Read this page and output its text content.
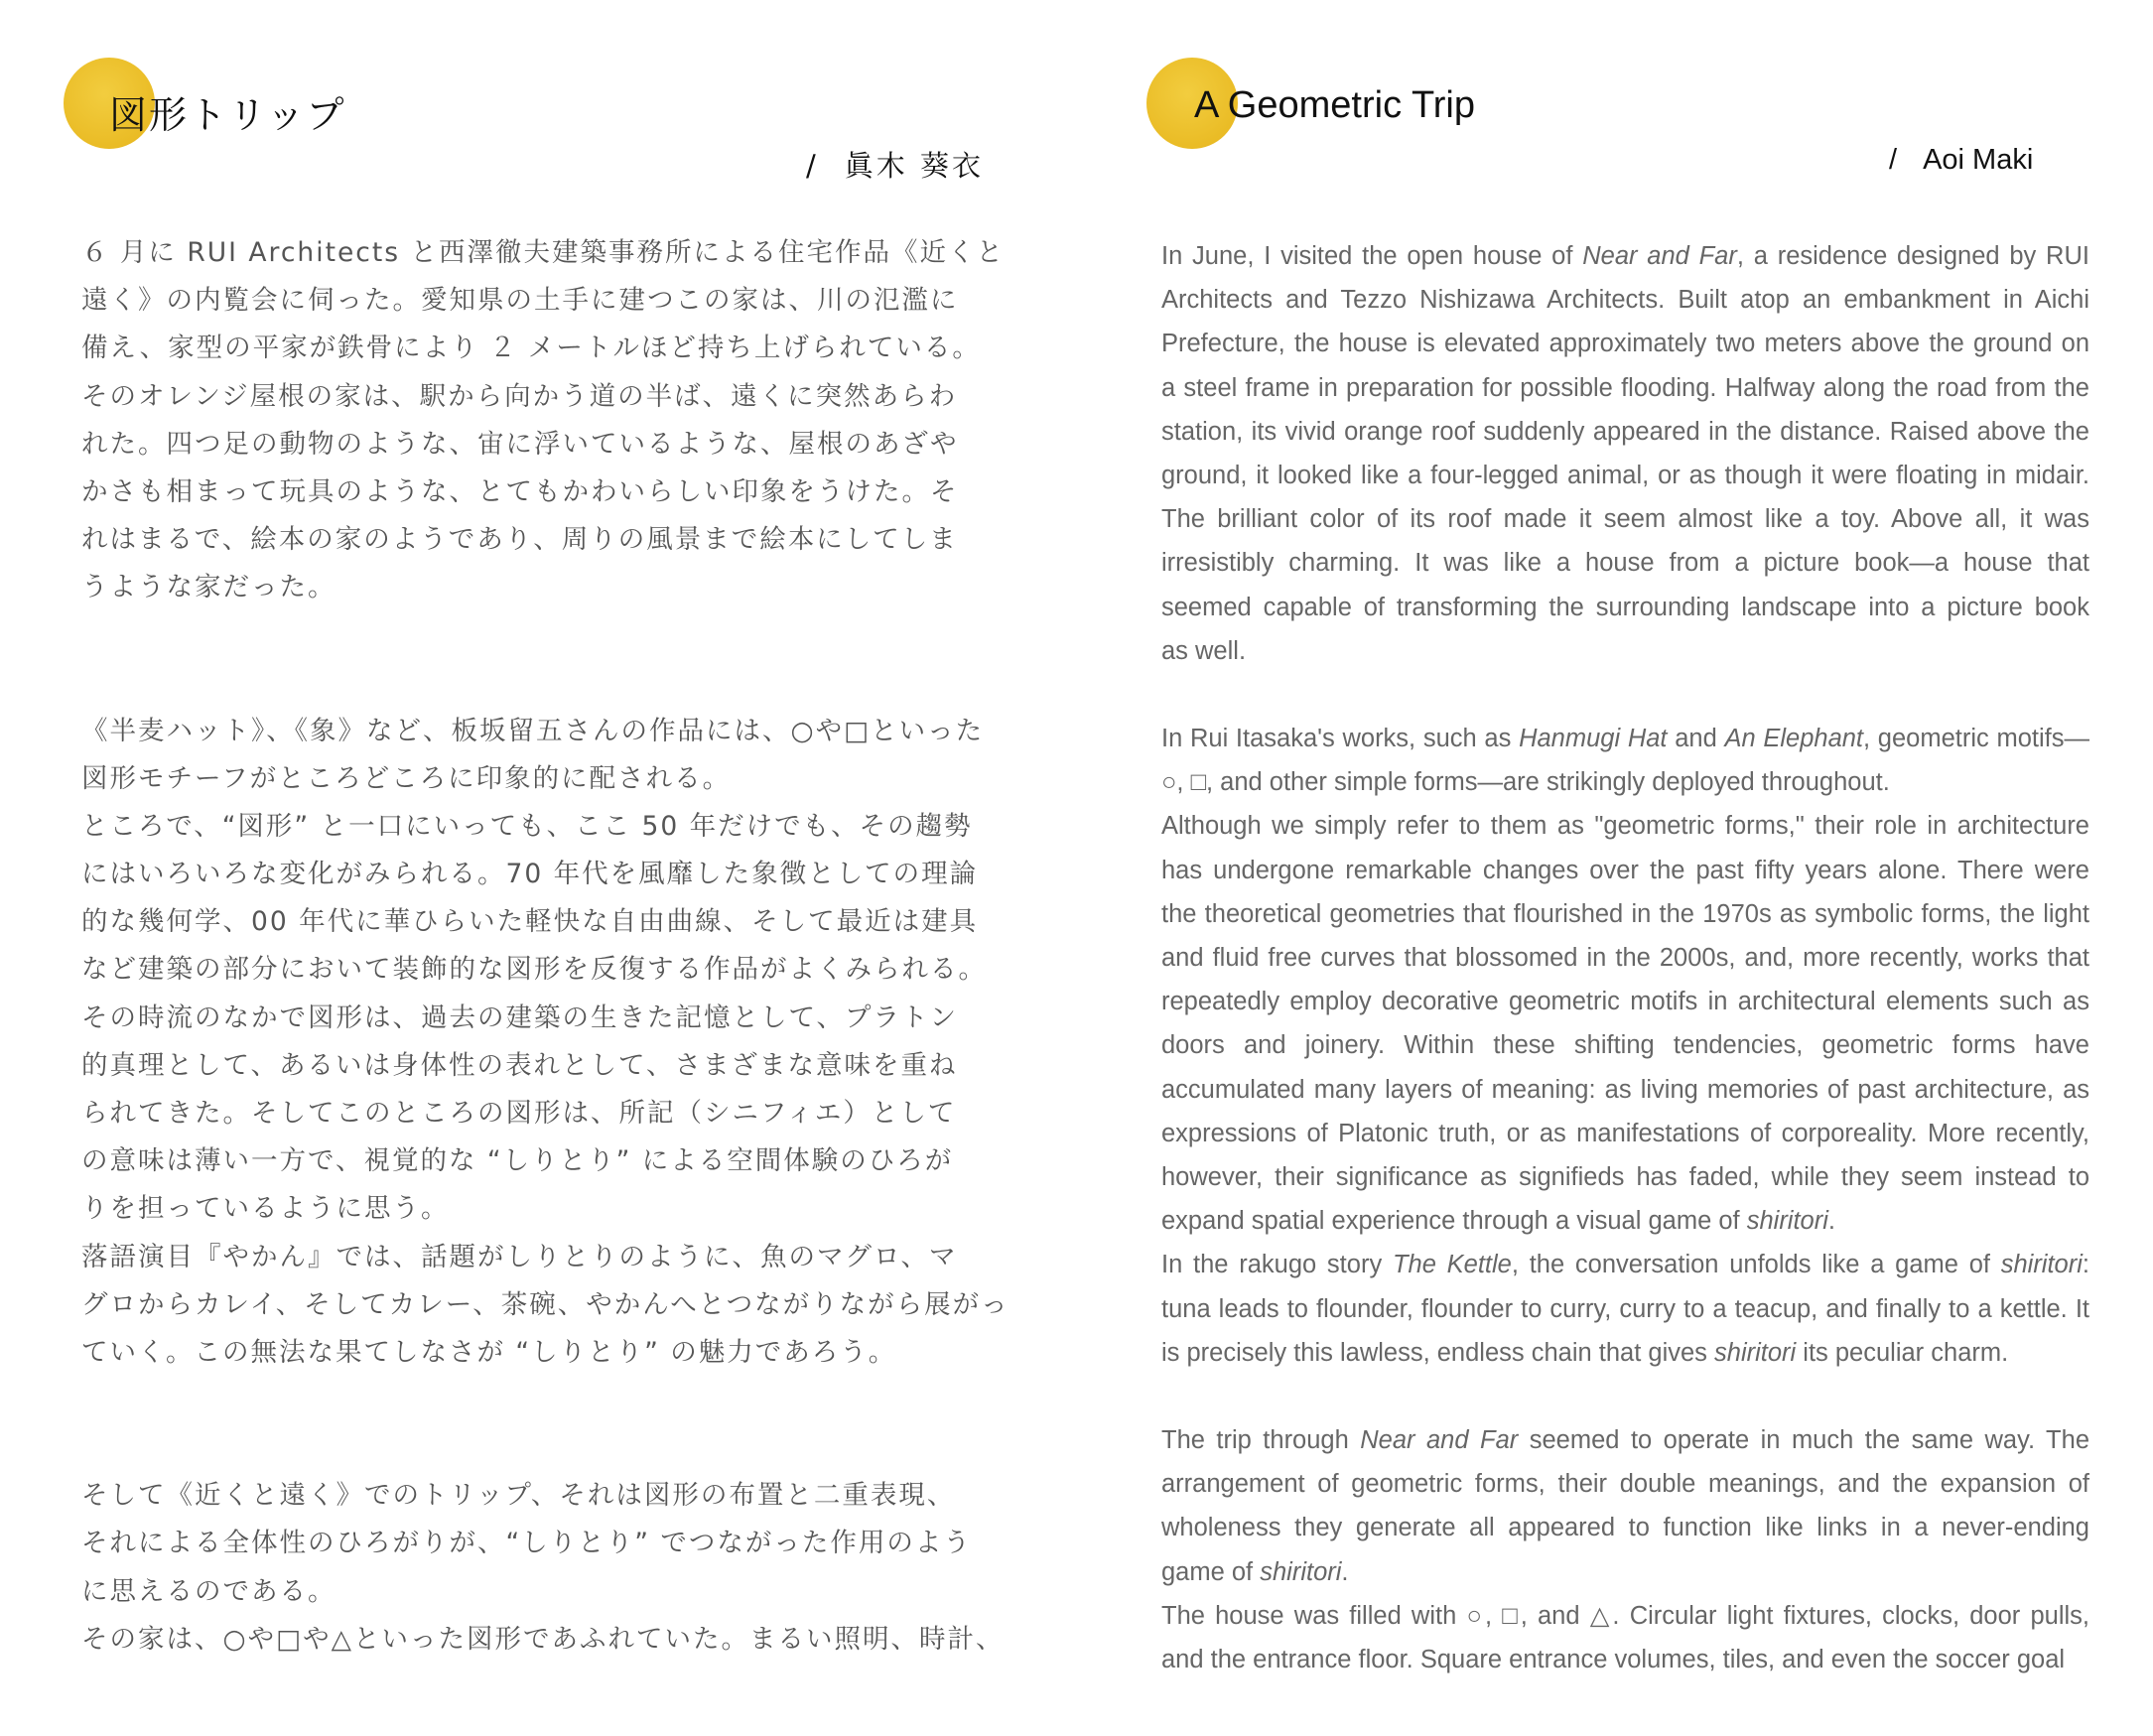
図形トリップ
/ 眞木 葵衣
６ 月に RUI Architects と西澤徹夫建築事務所による住宅作品《近くと
遠く》の内覧会に伺った。愛知県の土手に建つこの家は、川の氾濫に
備え、家型の平家が鉄骨により ２ メートルほど持ち上げられている。
そのオレンジ屋根の家は、駅から向かう道の半ば、遠くに突然あらわ
れた。四つ足の動物のような、宙に浮いているような、屋根のあざや
かさも相まって玩具のような、とてもかわいらしい印象をうけた。そ
れはまるで、絵本の家のようであり、周りの風景まで絵本にしてしま
うような家だった。
《半麦ハット》、《象》など、板坂留五さんの作品には、○や□といった
図形モチーフがところどころに印象的に配される。
ところで、“図形” と一口にいっても、ここ 50 年だけでも、その趨勢
にはいろいろな変化がみられる。70 年代を風靡した象徴としての理論
的な幾何学、00 年代に華ひらいた軽快な自由曲線、そして最近は建具
など建築の部分において装飾的な図形を反復する作品がよくみられる。
その時流のなかで図形は、過去の建築の生きた記憶として、プラトン
的真理として、あるいは身体性の表れとして、さまざまな意味を重ね
られてきた。そしてこのところの図形は、所記（シニフィエ）として
の意味は薄い一方で、視覚的な “しりとり” による空間体験のひろが
りを担っているように思う。
落語演目『やかん』では、話題がしりとりのように、魚のマグロ、マ
グロからカレイ、そしてカレー、茶碗、やかんへとつながりながら展がっ
ていく。この無法な果てしなさが “しりとり” の魅力であろう。
そして《近くと遠く》でのトリップ、それは図形の布置と二重表現、
それによる全体性のひろがりが、“しりとり” でつながった作用のよう
に思えるのである。
その家は、○や□や△といった図形であふれていた。まるい照明、時計、
A Geometric Trip
/ Aoi Maki
In June, I visited the open house of Near and Far, a residence designed by RUI
Architects and Tezzo Nishizawa Architects. Built atop an embankment in Aichi
Prefecture, the house is elevated approximately two meters above the ground on
a steel frame in preparation for possible flooding. Halfway along the road from the
station, its vivid orange roof suddenly appeared in the distance. Raised above the
ground, it looked like a four-legged animal, or as though it were floating in midair.
The brilliant color of its roof made it seem almost like a toy. Above all, it was
irresistibly charming. It was like a house from a picture book—a house that
seemed capable of transforming the surrounding landscape into a picture book
as well.
In Rui Itasaka's works, such as Hanmugi Hat and An Elephant, geometric motifs—
○, □, and other simple forms—are strikingly deployed throughout.
Although we simply refer to them as "geometric forms," their role in architecture
has undergone remarkable changes over the past fifty years alone. There were
the theoretical geometries that flourished in the 1970s as symbolic forms, the light
and fluid free curves that blossomed in the 2000s, and, more recently, works that
repeatedly employ decorative geometric motifs in architectural elements such as
doors and joinery. Within these shifting tendencies, geometric forms have
accumulated many layers of meaning: as living memories of past architecture, as
expressions of Platonic truth, or as manifestations of corporeality. More recently,
however, their significance as signifieds has faded, while they seem instead to
expand spatial experience through a visual game of shiritori.
In the rakugo story The Kettle, the conversation unfolds like a game of shiritori:
tuna leads to flounder, flounder to curry, curry to a teacup, and finally to a kettle. It
is precisely this lawless, endless chain that gives shiritori its peculiar charm.
The trip through Near and Far seemed to operate in much the same way. The
arrangement of geometric forms, their double meanings, and the expansion of
wholeness they generate all appeared to function like links in a never-ending
game of shiritori.
The house was filled with ○, □, and △. Circular light fixtures, clocks, door pulls,
and the entrance floor. Square entrance volumes, tiles, and even the soccer goal
